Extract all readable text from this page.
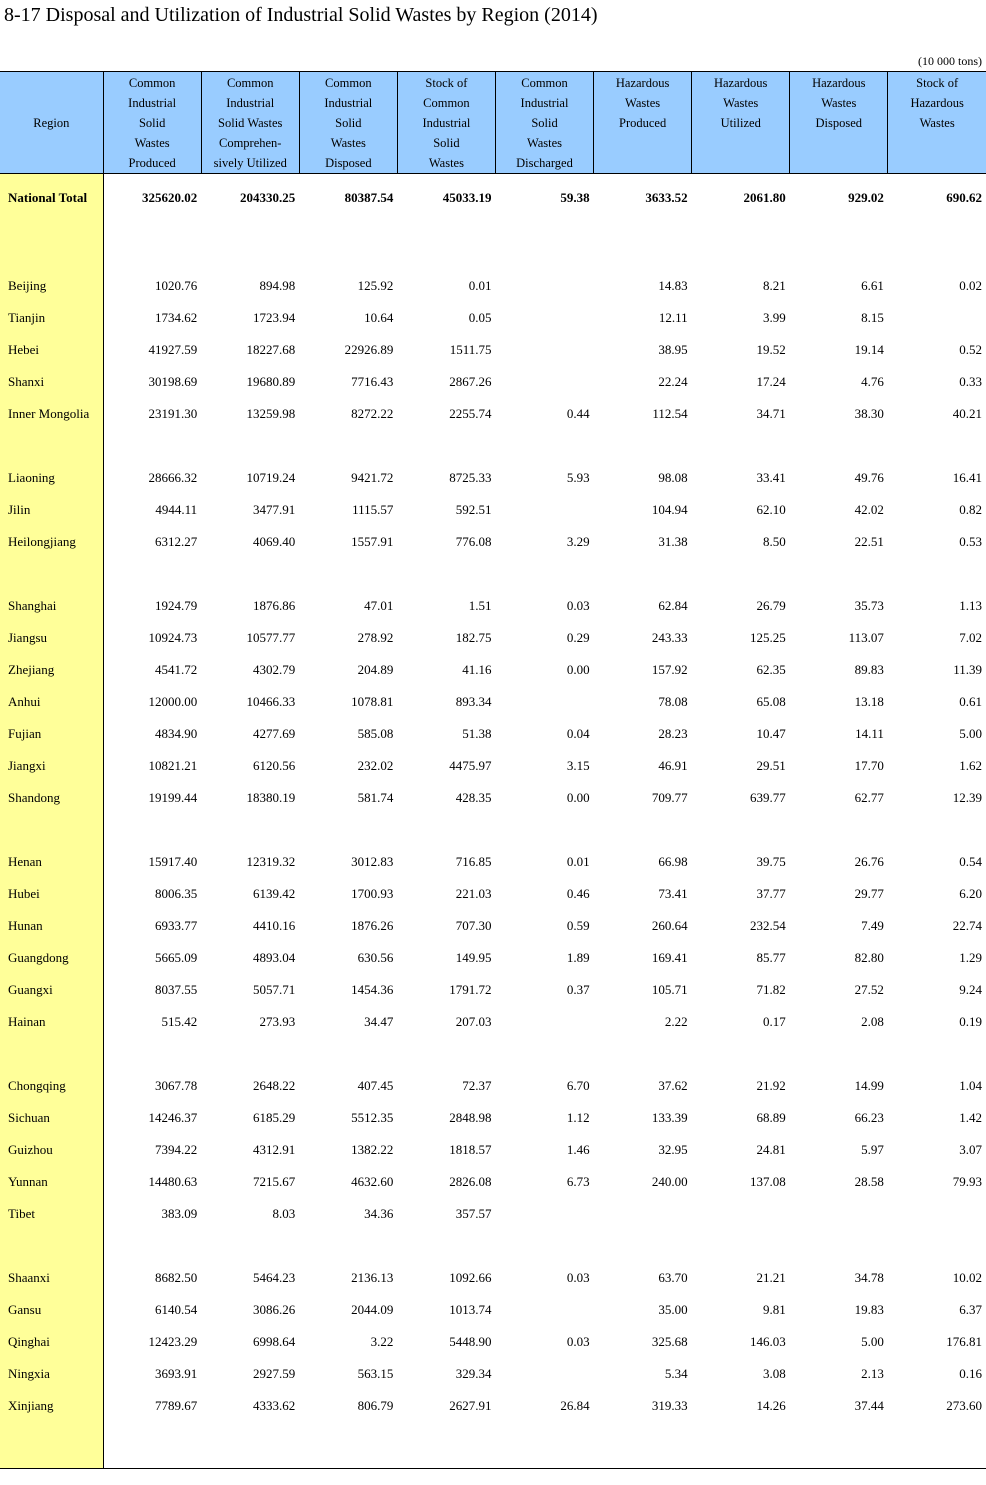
8-17 Disposal and Utilization of Industrial Solid Wastes by Region (2014)
(10 000 tons)
Region	Common
Industrial
Solid
Wastes
Produced	Common
Industrial
Solid Wastes
Comprehen-
sively Utilized	Common
Industrial
Solid
Wastes
Disposed	Stock of
Common
Industrial
Solid
Wastes	Common
Industrial
Solid
Wastes
Discharged	Hazardous
Wastes
Produced	Hazardous
Wastes
Utilized	Hazardous
Wastes
Disposed	Stock of
Hazardous
Wastes

National Total	325620.02	204330.25	80387.54	45033.19	59.38	3633.52	2061.80	929.02	690.62

Beijing	1020.76	894.98	125.92	0.01		14.83	8.21	6.61	0.02
Tianjin	1734.62	1723.94	10.64	0.05		12.11	3.99	8.15	
Hebei	41927.59	18227.68	22926.89	1511.75		38.95	19.52	19.14	0.52
Shanxi	30198.69	19680.89	7716.43	2867.26		22.24	17.24	4.76	0.33
Inner Mongolia	23191.30	13259.98	8272.22	2255.74	0.44	112.54	34.71	38.30	40.21

Liaoning	28666.32	10719.24	9421.72	8725.33	5.93	98.08	33.41	49.76	16.41
Jilin	4944.11	3477.91	1115.57	592.51		104.94	62.10	42.02	0.82
Heilongjiang	6312.27	4069.40	1557.91	776.08	3.29	31.38	8.50	22.51	0.53

Shanghai	1924.79	1876.86	47.01	1.51	0.03	62.84	26.79	35.73	1.13
Jiangsu	10924.73	10577.77	278.92	182.75	0.29	243.33	125.25	113.07	7.02
Zhejiang	4541.72	4302.79	204.89	41.16	0.00	157.92	62.35	89.83	11.39
Anhui	12000.00	10466.33	1078.81	893.34		78.08	65.08	13.18	0.61
Fujian	4834.90	4277.69	585.08	51.38	0.04	28.23	10.47	14.11	5.00
Jiangxi	10821.21	6120.56	232.02	4475.97	3.15	46.91	29.51	17.70	1.62
Shandong	19199.44	18380.19	581.74	428.35	0.00	709.77	639.77	62.77	12.39

Henan	15917.40	12319.32	3012.83	716.85	0.01	66.98	39.75	26.76	0.54
Hubei	8006.35	6139.42	1700.93	221.03	0.46	73.41	37.77	29.77	6.20
Hunan	6933.77	4410.16	1876.26	707.30	0.59	260.64	232.54	7.49	22.74
Guangdong	5665.09	4893.04	630.56	149.95	1.89	169.41	85.77	82.80	1.29
Guangxi	8037.55	5057.71	1454.36	1791.72	0.37	105.71	71.82	27.52	9.24
Hainan	515.42	273.93	34.47	207.03		2.22	0.17	2.08	0.19

Chongqing	3067.78	2648.22	407.45	72.37	6.70	37.62	21.92	14.99	1.04
Sichuan	14246.37	6185.29	5512.35	2848.98	1.12	133.39	68.89	66.23	1.42
Guizhou	7394.22	4312.91	1382.22	1818.57	1.46	32.95	24.81	5.97	3.07
Yunnan	14480.63	7215.67	4632.60	2826.08	6.73	240.00	137.08	28.58	79.93
Tibet	383.09	8.03	34.36	357.57					

Shaanxi	8682.50	5464.23	2136.13	1092.66	0.03	63.70	21.21	34.78	10.02
Gansu	6140.54	3086.26	2044.09	1013.74		35.00	9.81	19.83	6.37
Qinghai	12423.29	6998.64	3.22	5448.90	0.03	325.68	146.03	5.00	176.81
Ningxia	3693.91	2927.59	563.15	329.34		5.34	3.08	2.13	0.16
Xinjiang	7789.67	4333.62	806.79	2627.91	26.84	319.33	14.26	37.44	273.60
